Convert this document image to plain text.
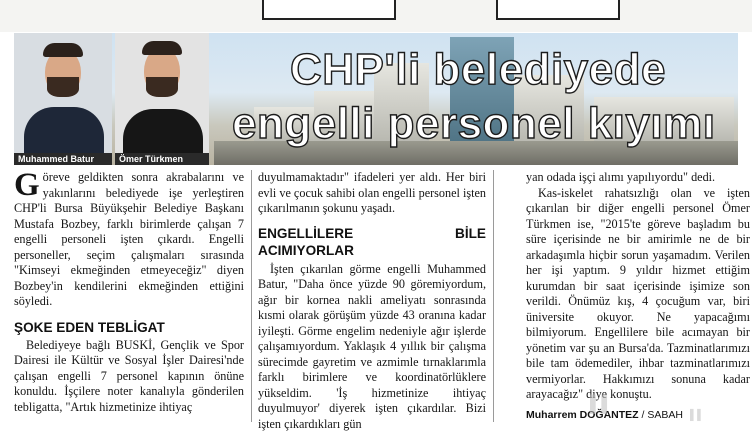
Muhammed Batur	Ömer Türkmen
CHP'li belediyede
engelli personel kıyımı

Göreve geldikten sonra akrabalarını ve yakınlarını belediyede işe yerleştiren CHP'li Bursa Büyükşehir Belediye Başkanı Mustafa Bozbey, farklı birimlerde çalışan 7 engelli personeli işten çıkardı. Engelli personeller, seçim çalışmaları sırasında "Kimseyi ekmeğinden etmeyeceğiz" diyen Bozbey'in kendilerini ekmeğinden ettiğini söyledi.

ŞOKE EDEN TEBLİGAT

Belediyeye bağlı BUSKİ, Gençlik ve Spor Dairesi ile Kültür ve Sosyal İşler Dairesi'nde çalışan engelli 7 personel kapının önüne konuldu. İşçilere noter kanalıyla gönderilen tebligatta, "Artık hizmetinize ihtiyaç

duyulmamaktadır" ifadeleri yer aldı. Her biri evli ve çocuk sahibi olan engelli personel işten çıkarılmanın şokunu yaşadı.

ENGELLİLERE BİLE ACIMIYORLAR

İşten çıkarılan görme engelli Muhammed Batur, "Daha önce yüzde 90 göremiyordum, ağır bir kornea nakli ameliyatı sonrasında kısmi olarak görüşüm yüzde 43 oranına kadar iyileşti. Görme engelim nedeniyle ağır işlerde çalışamıyordum. Yaklaşık 4 yıllık bir çalışma sürecimde gayretim ve azmimle tırnaklarımla farklı birimlere ve koordinatörlüklere yükseldim. 'İş hizmetinize ihtiyaç duyulmuyor' diyerek işten çıkardılar. Bizi işten çıkardıkları gün

yan odada işçi alımı yapılıyordu" dedi.

Kas-iskelet rahatsızlığı olan ve işten çıkarılan bir diğer engelli personel Ömer Türkmen ise, "2015'te göreve başladım bu süre içerisinde ne bir amirimle ne de bir arkadaşımla hiçbir sorun yaşamadım. Verilen her işi yaptım. 9 yıldır hizmet ettiğim kurumdan bir saat içerisinde işimize son verildi. Önümüz kış, 4 çocuğum var, biri üniversite okuyor. Ne yapacağımı bilmiyorum. Engellilere bile acımayan bir yönetim var şu an Bursa'da. Tazminatlarımızı bile tam ödemediler, ihbar tazminatlarımızı vermiyorlar. Hakkımızı sonuna kadar arayacağız" diye konuştu.

Muharrem DOĞANTEZ / SABAH
▌▌
▌▌
